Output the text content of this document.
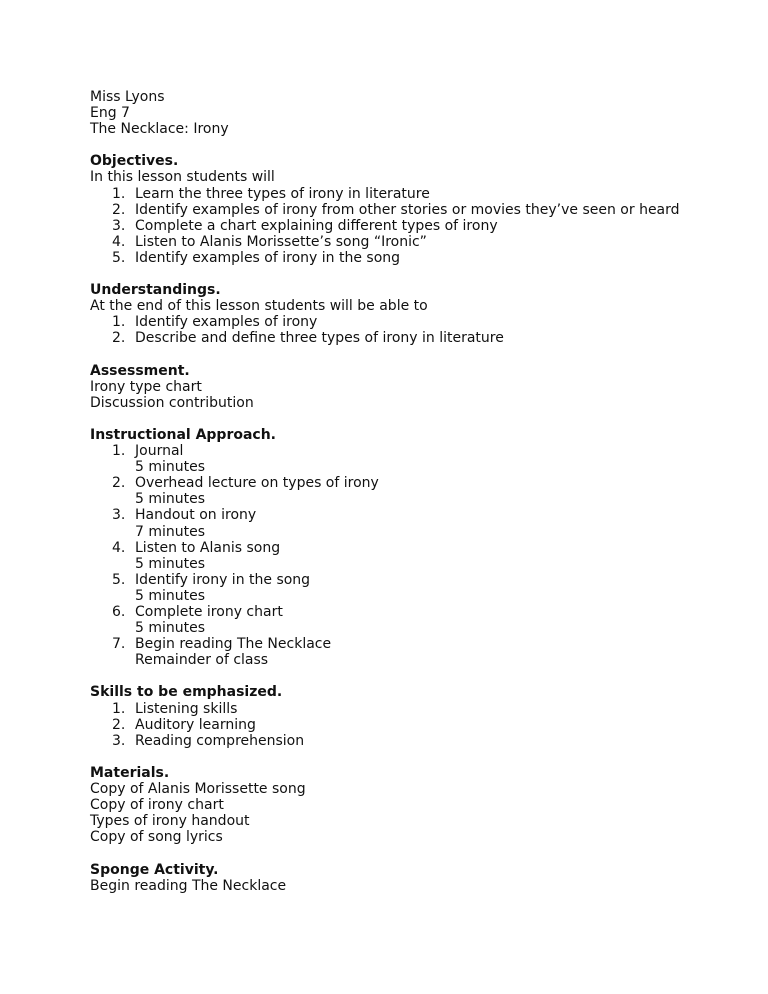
Miss Lyons
Eng 7
The Necklace: Irony
Objectives.
In this lesson students will
1. Learn the three types of irony in literature
2. Identify examples of irony from other stories or movies they’ve seen or heard
3. Complete a chart explaining different types of irony
4. Listen to Alanis Morissette’s song “Ironic”
5. Identify examples of irony in the song
Understandings.
At the end of this lesson students will be able to
1. Identify examples of irony
2. Describe and define three types of irony in literature
Assessment.
Irony type chart
Discussion contribution
Instructional Approach.
1. Journal
5 minutes
2. Overhead lecture on types of irony
5 minutes
3. Handout on irony
7 minutes
4. Listen to Alanis song
5 minutes
5. Identify irony in the song
5 minutes
6. Complete irony chart
5 minutes
7. Begin reading The Necklace
Remainder of class
Skills to be emphasized.
1. Listening skills
2. Auditory learning
3. Reading comprehension
Materials.
Copy of Alanis Morissette song
Copy of irony chart
Types of irony handout
Copy of song lyrics
Sponge Activity.
Begin reading The Necklace
